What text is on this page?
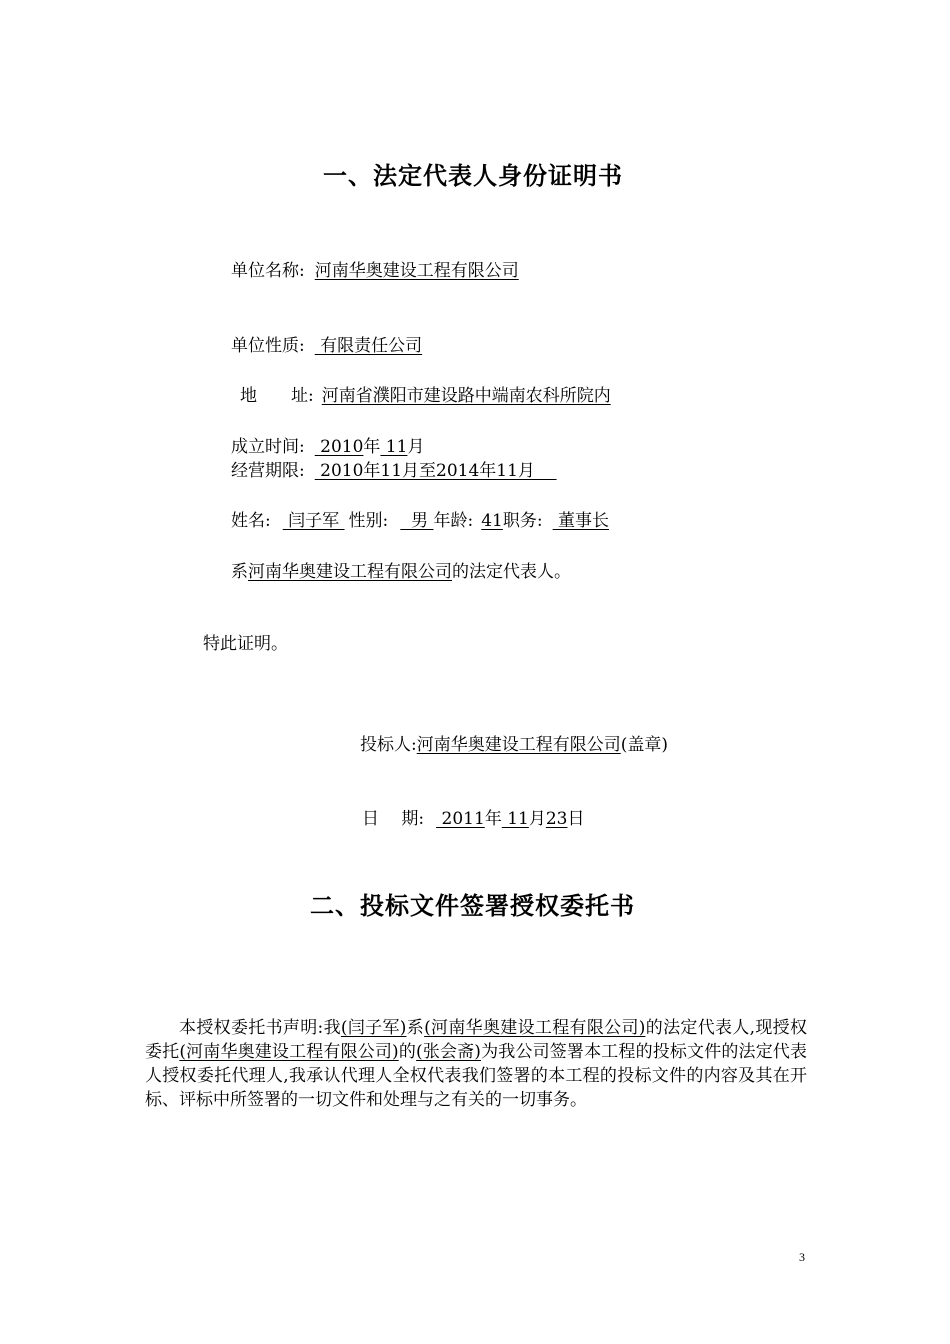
一、法定代表人身份证明书
单位名称: 河南华奥建设工程有限公司
单位性质: 有限责任公司
地　　址: 河南省濮阳市建设路中端南农科所院内
成立时间: 2010年 11月
经营期限: 2010年11月至2014年11月
姓名: 闫子军 性别:  男 年龄: 41职务: 董事长
系河南华奥建设工程有限公司的法定代表人。
特此证明。
投标人:河南华奥建设工程有限公司(盖章)
日　 期: 2011年 11月23日
二、投标文件签署授权委托书
本授权委托书声明:我(闫子军)系(河南华奥建设工程有限公司)的法定代表人,现授权委托(河南华奥建设工程有限公司)的(张会斋)为我公司签署本工程的投标文件的法定代表人授权委托代理人,我承认代理人全权代表我们签署的本工程的投标文件的内容及其在开标、评标中所签署的一切文件和处理与之有关的一切事务。
3
